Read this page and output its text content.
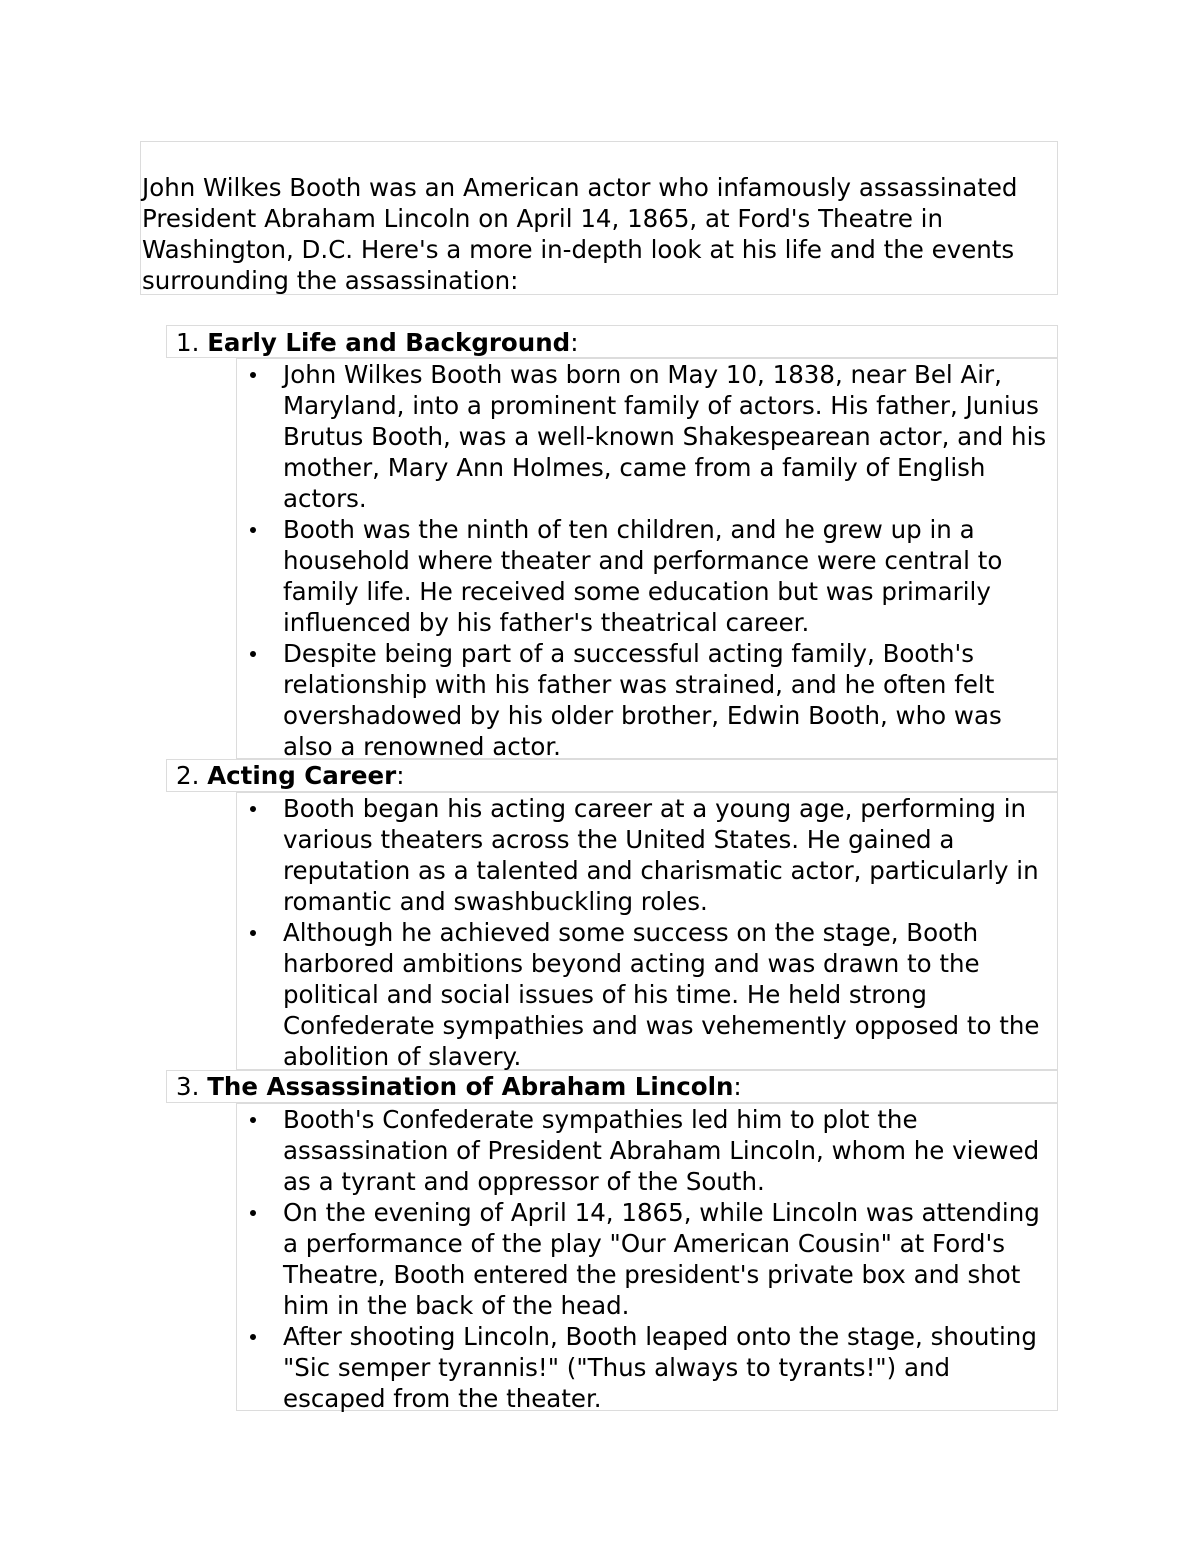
John Wilkes Booth was an American actor who infamously assassinated President Abraham Lincoln on April 14, 1865, at Ford's Theatre in Washington, D.C. Here's a more in-depth look at his life and the events surrounding the assassination:

1. Early Life and Background:

John Wilkes Booth was born on May 10, 1838, near Bel Air, Maryland, into a prominent family of actors. His father, Junius Brutus Booth, was a well-known Shakespearean actor, and his mother, Mary Ann Holmes, came from a family of English actors.
Booth was the ninth of ten children, and he grew up in a household where theater and performance were central to family life. He received some education but was primarily influenced by his father's theatrical career.
Despite being part of a successful acting family, Booth's relationship with his father was strained, and he often felt overshadowed by his older brother, Edwin Booth, who was also a renowned actor.

2. Acting Career:

Booth began his acting career at a young age, performing in various theaters across the United States. He gained a reputation as a talented and charismatic actor, particularly in romantic and swashbuckling roles.
Although he achieved some success on the stage, Booth harbored ambitions beyond acting and was drawn to the political and social issues of his time. He held strong Confederate sympathies and was vehemently opposed to the abolition of slavery.

3. The Assassination of Abraham Lincoln:

Booth's Confederate sympathies led him to plot the assassination of President Abraham Lincoln, whom he viewed as a tyrant and oppressor of the South.
On the evening of April 14, 1865, while Lincoln was attending a performance of the play "Our American Cousin" at Ford's Theatre, Booth entered the president's private box and shot him in the back of the head.
After shooting Lincoln, Booth leaped onto the stage, shouting "Sic semper tyrannis!" ("Thus always to tyrants!") and escaped from the theater.
